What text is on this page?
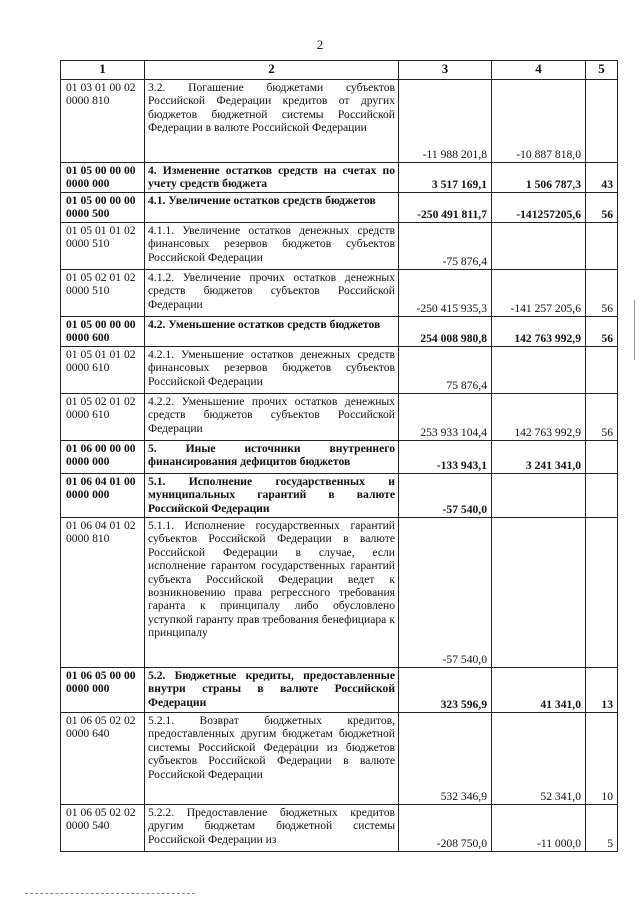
2
1	2	3	4	5
01 03 01 00 02 0000 810	3.2. Погашение бюджетами субъектов Российской Федерации кредитов от других бюджетов бюджетной системы Российской Федерации в валюте Российской Федерации	-11 988 201,8	-10 887 818,0	
01 05 00 00 00 0000 000	4. Изменение остатков средств на счетах по учету средств бюджета	3 517 169,1	1 506 787,3	43
01 05 00 00 00 0000 500	4.1. Увеличение остатков средств бюджетов	-250 491 811,7	-141257205,6	56
01 05 01 01 02 0000 510	4.1.1. Увеличение остатков денежных средств финансовых резервов бюджетов субъектов Российской Федерации	-75 876,4		
01 05 02 01 02 0000 510	4.1.2. Увеличение прочих остатков денежных средств бюджетов субъектов Российской Федерации	-250 415 935,3	-141 257 205,6	56
01 05 00 00 00 0000 600	4.2. Уменьшение остатков средств бюджетов	254 008 980,8	142 763 992,9	56
01 05 01 01 02 0000 610	4.2.1. Уменьшение остатков денежных средств финансовых резервов бюджетов субъектов Российской Федерации	75 876,4		
01 05 02 01 02 0000 610	4.2.2. Уменьшение прочих остатков денежных средств бюджетов субъектов Российской Федерации	253 933 104,4	142 763 992,9	56
01 06 00 00 00 0000 000	5. Иные источники внутреннего финансирования дефицитов бюджетов	-133 943,1	3 241 341,0	
01 06 04 01 00 0000 000	5.1. Исполнение государственных и муниципальных гарантий в валюте Российской Федерации	-57 540,0		
01 06 04 01 02 0000 810	5.1.1. Исполнение государственных гарантий субъектов Российской Федерации в валюте Российской Федерации в случае, если исполнение гарантом государственных гарантий субъекта Российской Федерации ведет к возникновению права регрессного требования гаранта к принципалу либо обусловлено уступкой гаранту прав требования бенефициара к принципалу	-57 540,0		
01 06 05 00 00 0000 000	5.2. Бюджетные кредиты, предоставленные внутри страны в валюте Российской Федерации	323 596,9	41 341,0	13
01 06 05 02 02 0000 640	5.2.1. Возврат бюджетных кредитов, предоставленных другим бюджетам бюджетной системы Российской Федерации из бюджетов субъектов Российской Федерации в валюте Российской Федерации	532 346,9	52 341,0	10
01 06 05 02 02 0000 540	5.2.2. Предоставление бюджетных кредитов другим бюджетам бюджетной системы Российской Федерации из	-208 750,0	-11 000,0	5
